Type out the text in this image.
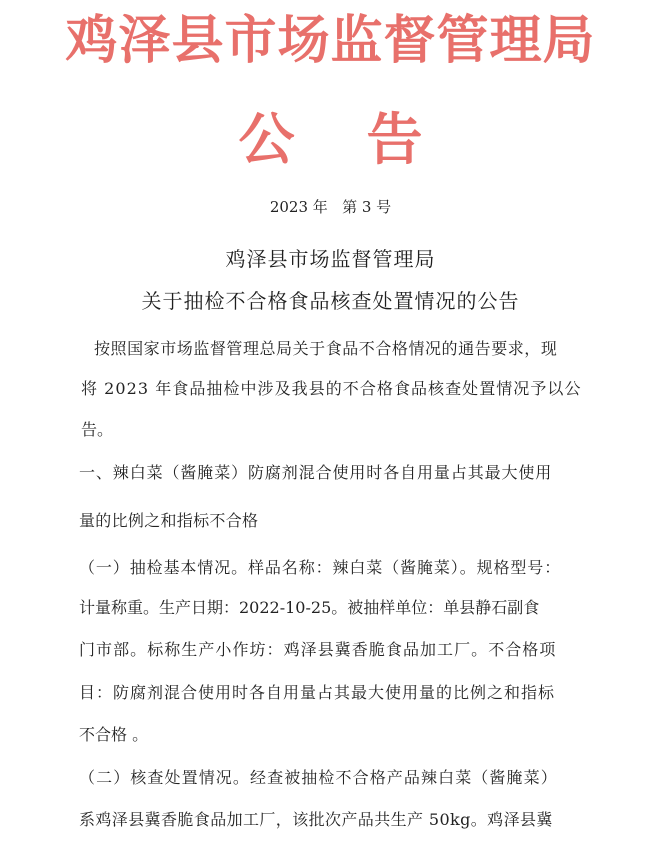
鸡泽县市场监督管理局
公告
2023 年   第 3 号
鸡泽县市场监督管理局
关于抽检不合格食品核查处置情况的公告
按照国家市场监督管理总局关于食品不合格情况的通告要求，现
将 2023 年食品抽检中涉及我县的不合格食品核查处置情况予以公
告。
一、辣白菜（酱腌菜）防腐剂混合使用时各自用量占其最大使用
量的比例之和指标不合格
（一）抽检基本情况。样品名称：辣白菜（酱腌菜）。规格型号：
计量称重。生产日期：2022-10-25。被抽样单位：单县静石副食
门市部。标称生产小作坊：鸡泽县冀香脆食品加工厂。不合格项
目：防腐剂混合使用时各自用量占其最大使用量的比例之和指标
不合格 。
（二）核查处置情况。经查被抽检不合格产品辣白菜（酱腌菜）
系鸡泽县冀香脆食品加工厂，该批次产品共生产 50kg。鸡泽县冀
